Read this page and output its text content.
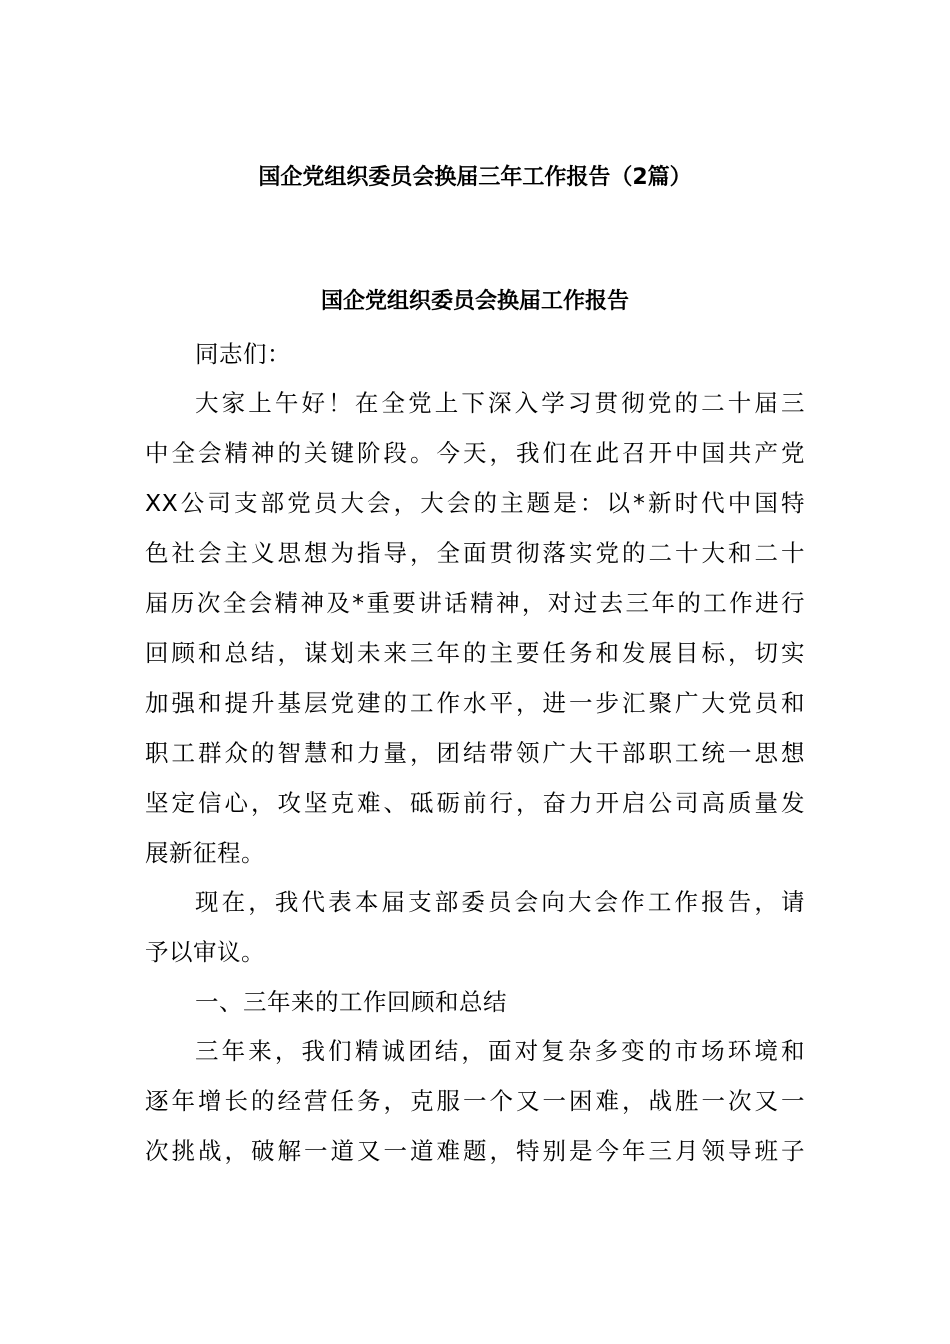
国企党组织委员会换届三年工作报告（2篇）
国企党组织委员会换届工作报告
同志们：
大家上午好！在全党上下深入学习贯彻党的二十届三
中全会精神的关键阶段。今天，我们在此召开中国共产党
XX公司支部党员大会，大会的主题是：以*新时代中国特
色社会主义思想为指导，全面贯彻落实党的二十大和二十
届历次全会精神及*重要讲话精神，对过去三年的工作进行
回顾和总结，谋划未来三年的主要任务和发展目标，切实
加强和提升基层党建的工作水平，进一步汇聚广大党员和
职工群众的智慧和力量，团结带领广大干部职工统一思想
坚定信心，攻坚克难、砥砺前行，奋力开启公司高质量发
展新征程。
现在，我代表本届支部委员会向大会作工作报告，请
予以审议。
一、三年来的工作回顾和总结
三年来，我们精诚团结，面对复杂多变的市场环境和
逐年增长的经营任务，克服一个又一困难，战胜一次又一
次挑战，破解一道又一道难题，特别是今年三月领导班子
